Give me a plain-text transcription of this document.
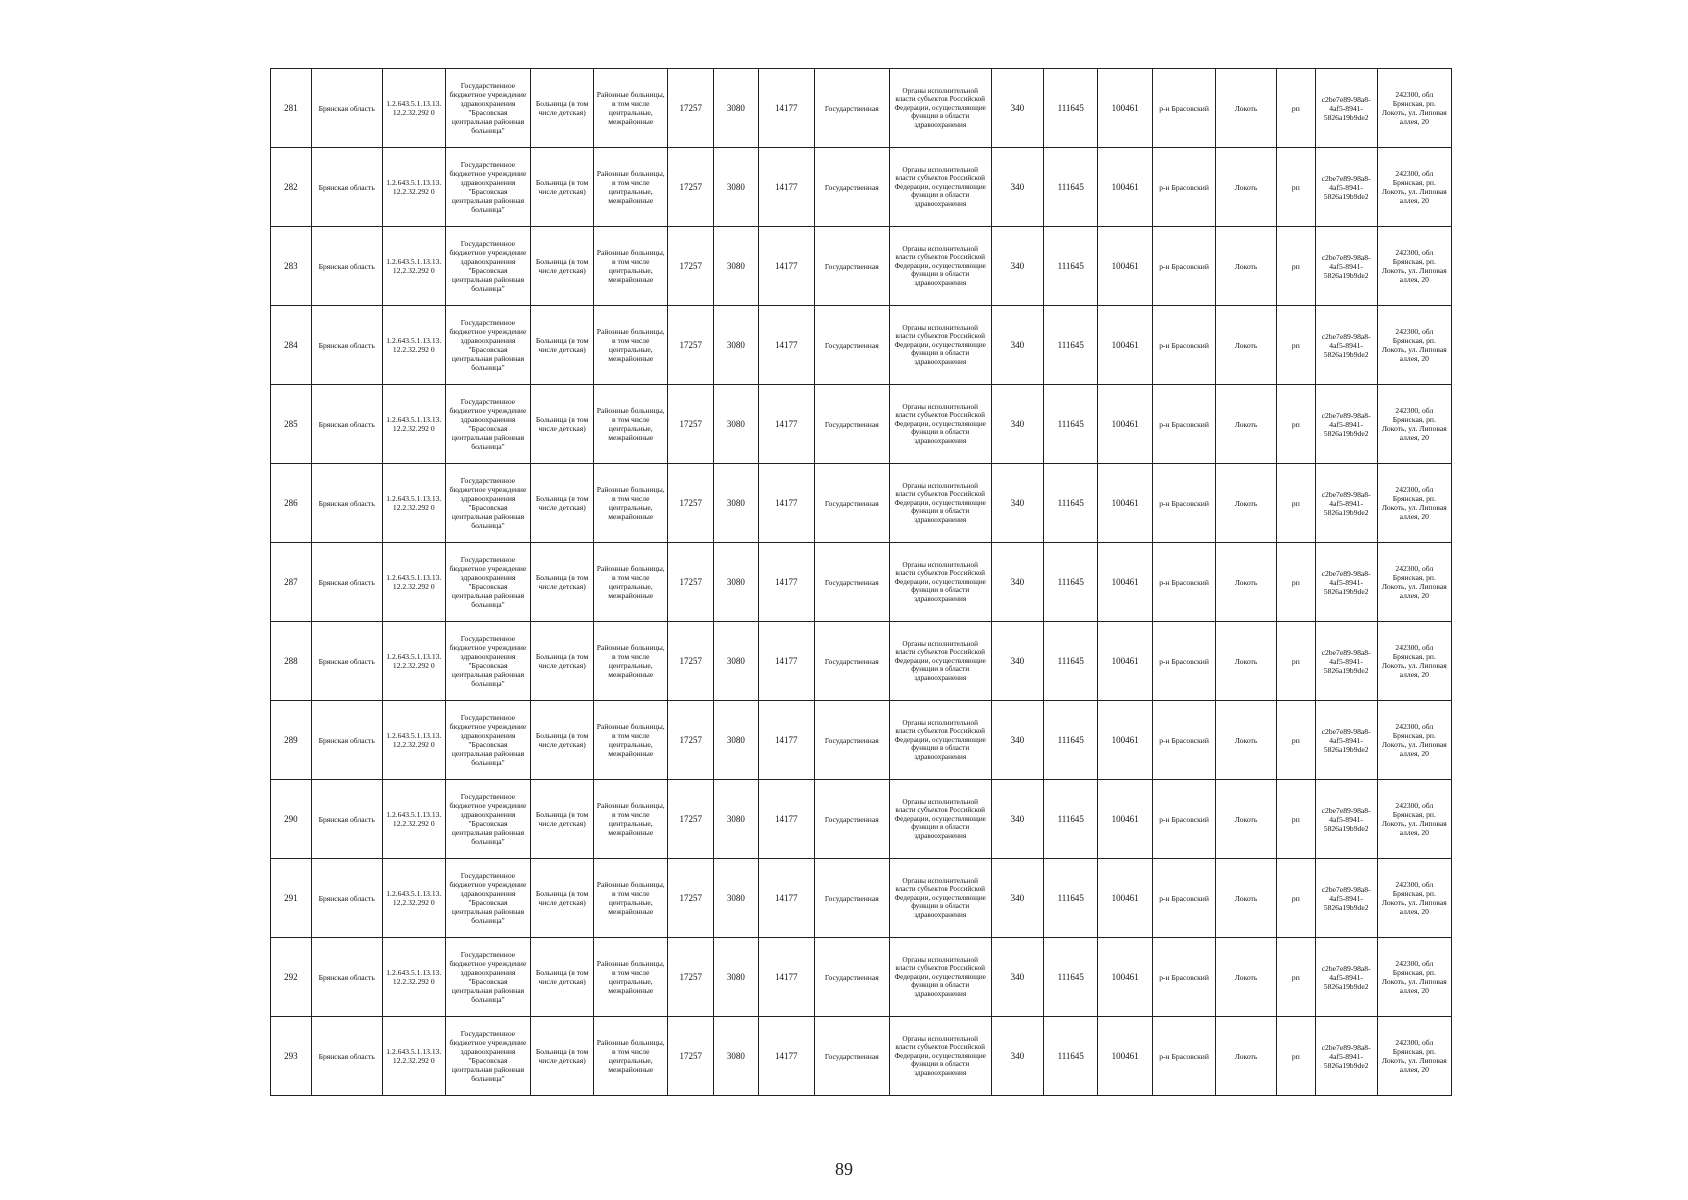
281	Брянская область	1.2.643.5.1.13.13.12.2.32.292 0	Государственное бюджетное учреждение здравоохранения "Брасовская центральная районная больница"	Больница (в том числе детская)	Районные больницы, в том числе центральные, межрайонные	17257	3080	14177	Государственная	Органы исполнительной власти субъектов Российской Федерации, осуществляющие функции в области здравоохранения	340	111645	100461	р-н Брасовский	Локоть	рп	c2be7e89-98a8-4af5-8941-5826a19b9de2	242300, обл Брянская, рп. Локоть, ул. Липовая аллея, 20
282	Брянская область	1.2.643.5.1.13.13.12.2.32.292 0	Государственное бюджетное учреждение здравоохранения "Брасовская центральная районная больница"	Больница (в том числе детская)	Районные больницы, в том числе центральные, межрайонные	17257	3080	14177	Государственная	Органы исполнительной власти субъектов Российской Федерации, осуществляющие функции в области здравоохранения	340	111645	100461	р-н Брасовский	Локоть	рп	c2be7e89-98a8-4af5-8941-5826a19b9de2	242300, обл Брянская, рп. Локоть, ул. Липовая аллея, 20
283	Брянская область	1.2.643.5.1.13.13.12.2.32.292 0	Государственное бюджетное учреждение здравоохранения "Брасовская центральная районная больница"	Больница (в том числе детская)	Районные больницы, в том числе центральные, межрайонные	17257	3080	14177	Государственная	Органы исполнительной власти субъектов Российской Федерации, осуществляющие функции в области здравоохранения	340	111645	100461	р-н Брасовский	Локоть	рп	c2be7e89-98a8-4af5-8941-5826a19b9de2	242300, обл Брянская, рп. Локоть, ул. Липовая аллея, 20
284	Брянская область	1.2.643.5.1.13.13.12.2.32.292 0	Государственное бюджетное учреждение здравоохранения "Брасовская центральная районная больница"	Больница (в том числе детская)	Районные больницы, в том числе центральные, межрайонные	17257	3080	14177	Государственная	Органы исполнительной власти субъектов Российской Федерации, осуществляющие функции в области здравоохранения	340	111645	100461	р-н Брасовский	Локоть	рп	c2be7e89-98a8-4af5-8941-5826a19b9de2	242300, обл Брянская, рп. Локоть, ул. Липовая аллея, 20
285	Брянская область	1.2.643.5.1.13.13.12.2.32.292 0	Государственное бюджетное учреждение здравоохранения "Брасовская центральная районная больница"	Больница (в том числе детская)	Районные больницы, в том числе центральные, межрайонные	17257	3080	14177	Государственная	Органы исполнительной власти субъектов Российской Федерации, осуществляющие функции в области здравоохранения	340	111645	100461	р-н Брасовский	Локоть	рп	c2be7e89-98a8-4af5-8941-5826a19b9de2	242300, обл Брянская, рп. Локоть, ул. Липовая аллея, 20
286	Брянская область	1.2.643.5.1.13.13.12.2.32.292 0	Государственное бюджетное учреждение здравоохранения "Брасовская центральная районная больница"	Больница (в том числе детская)	Районные больницы, в том числе центральные, межрайонные	17257	3080	14177	Государственная	Органы исполнительной власти субъектов Российской Федерации, осуществляющие функции в области здравоохранения	340	111645	100461	р-н Брасовский	Локоть	рп	c2be7e89-98a8-4af5-8941-5826a19b9de2	242300, обл Брянская, рп. Локоть, ул. Липовая аллея, 20
287	Брянская область	1.2.643.5.1.13.13.12.2.32.292 0	Государственное бюджетное учреждение здравоохранения "Брасовская центральная районная больница"	Больница (в том числе детская)	Районные больницы, в том числе центральные, межрайонные	17257	3080	14177	Государственная	Органы исполнительной власти субъектов Российской Федерации, осуществляющие функции в области здравоохранения	340	111645	100461	р-н Брасовский	Локоть	рп	c2be7e89-98a8-4af5-8941-5826a19b9de2	242300, обл Брянская, рп. Локоть, ул. Липовая аллея, 20
288	Брянская область	1.2.643.5.1.13.13.12.2.32.292 0	Государственное бюджетное учреждение здравоохранения "Брасовская центральная районная больница"	Больница (в том числе детская)	Районные больницы, в том числе центральные, межрайонные	17257	3080	14177	Государственная	Органы исполнительной власти субъектов Российской Федерации, осуществляющие функции в области здравоохранения	340	111645	100461	р-н Брасовский	Локоть	рп	c2be7e89-98a8-4af5-8941-5826a19b9de2	242300, обл Брянская, рп. Локоть, ул. Липовая аллея, 20
289	Брянская область	1.2.643.5.1.13.13.12.2.32.292 0	Государственное бюджетное учреждение здравоохранения "Брасовская центральная районная больница"	Больница (в том числе детская)	Районные больницы, в том числе центральные, межрайонные	17257	3080	14177	Государственная	Органы исполнительной власти субъектов Российской Федерации, осуществляющие функции в области здравоохранения	340	111645	100461	р-н Брасовский	Локоть	рп	c2be7e89-98a8-4af5-8941-5826a19b9de2	242300, обл Брянская, рп. Локоть, ул. Липовая аллея, 20
290	Брянская область	1.2.643.5.1.13.13.12.2.32.292 0	Государственное бюджетное учреждение здравоохранения "Брасовская центральная районная больница"	Больница (в том числе детская)	Районные больницы, в том числе центральные, межрайонные	17257	3080	14177	Государственная	Органы исполнительной власти субъектов Российской Федерации, осуществляющие функции в области здравоохранения	340	111645	100461	р-н Брасовский	Локоть	рп	c2be7e89-98a8-4af5-8941-5826a19b9de2	242300, обл Брянская, рп. Локоть, ул. Липовая аллея, 20
291	Брянская область	1.2.643.5.1.13.13.12.2.32.292 0	Государственное бюджетное учреждение здравоохранения "Брасовская центральная районная больница"	Больница (в том числе детская)	Районные больницы, в том числе центральные, межрайонные	17257	3080	14177	Государственная	Органы исполнительной власти субъектов Российской Федерации, осуществляющие функции в области здравоохранения	340	111645	100461	р-н Брасовский	Локоть	рп	c2be7e89-98a8-4af5-8941-5826a19b9de2	242300, обл Брянская, рп. Локоть, ул. Липовая аллея, 20
292	Брянская область	1.2.643.5.1.13.13.12.2.32.292 0	Государственное бюджетное учреждение здравоохранения "Брасовская центральная районная больница"	Больница (в том числе детская)	Районные больницы, в том числе центральные, межрайонные	17257	3080	14177	Государственная	Органы исполнительной власти субъектов Российской Федерации, осуществляющие функции в области здравоохранения	340	111645	100461	р-н Брасовский	Локоть	рп	c2be7e89-98a8-4af5-8941-5826a19b9de2	242300, обл Брянская, рп. Локоть, ул. Липовая аллея, 20
293	Брянская область	1.2.643.5.1.13.13.12.2.32.292 0	Государственное бюджетное учреждение здравоохранения "Брасовская центральная районная больница"	Больница (в том числе детская)	Районные больницы, в том числе центральные, межрайонные	17257	3080	14177	Государственная	Органы исполнительной власти субъектов Российской Федерации, осуществляющие функции в области здравоохранения	340	111645	100461	р-н Брасовский	Локоть	рп	c2be7e89-98a8-4af5-8941-5826a19b9de2	242300, обл Брянская, рп. Локоть, ул. Липовая аллея, 20
89
